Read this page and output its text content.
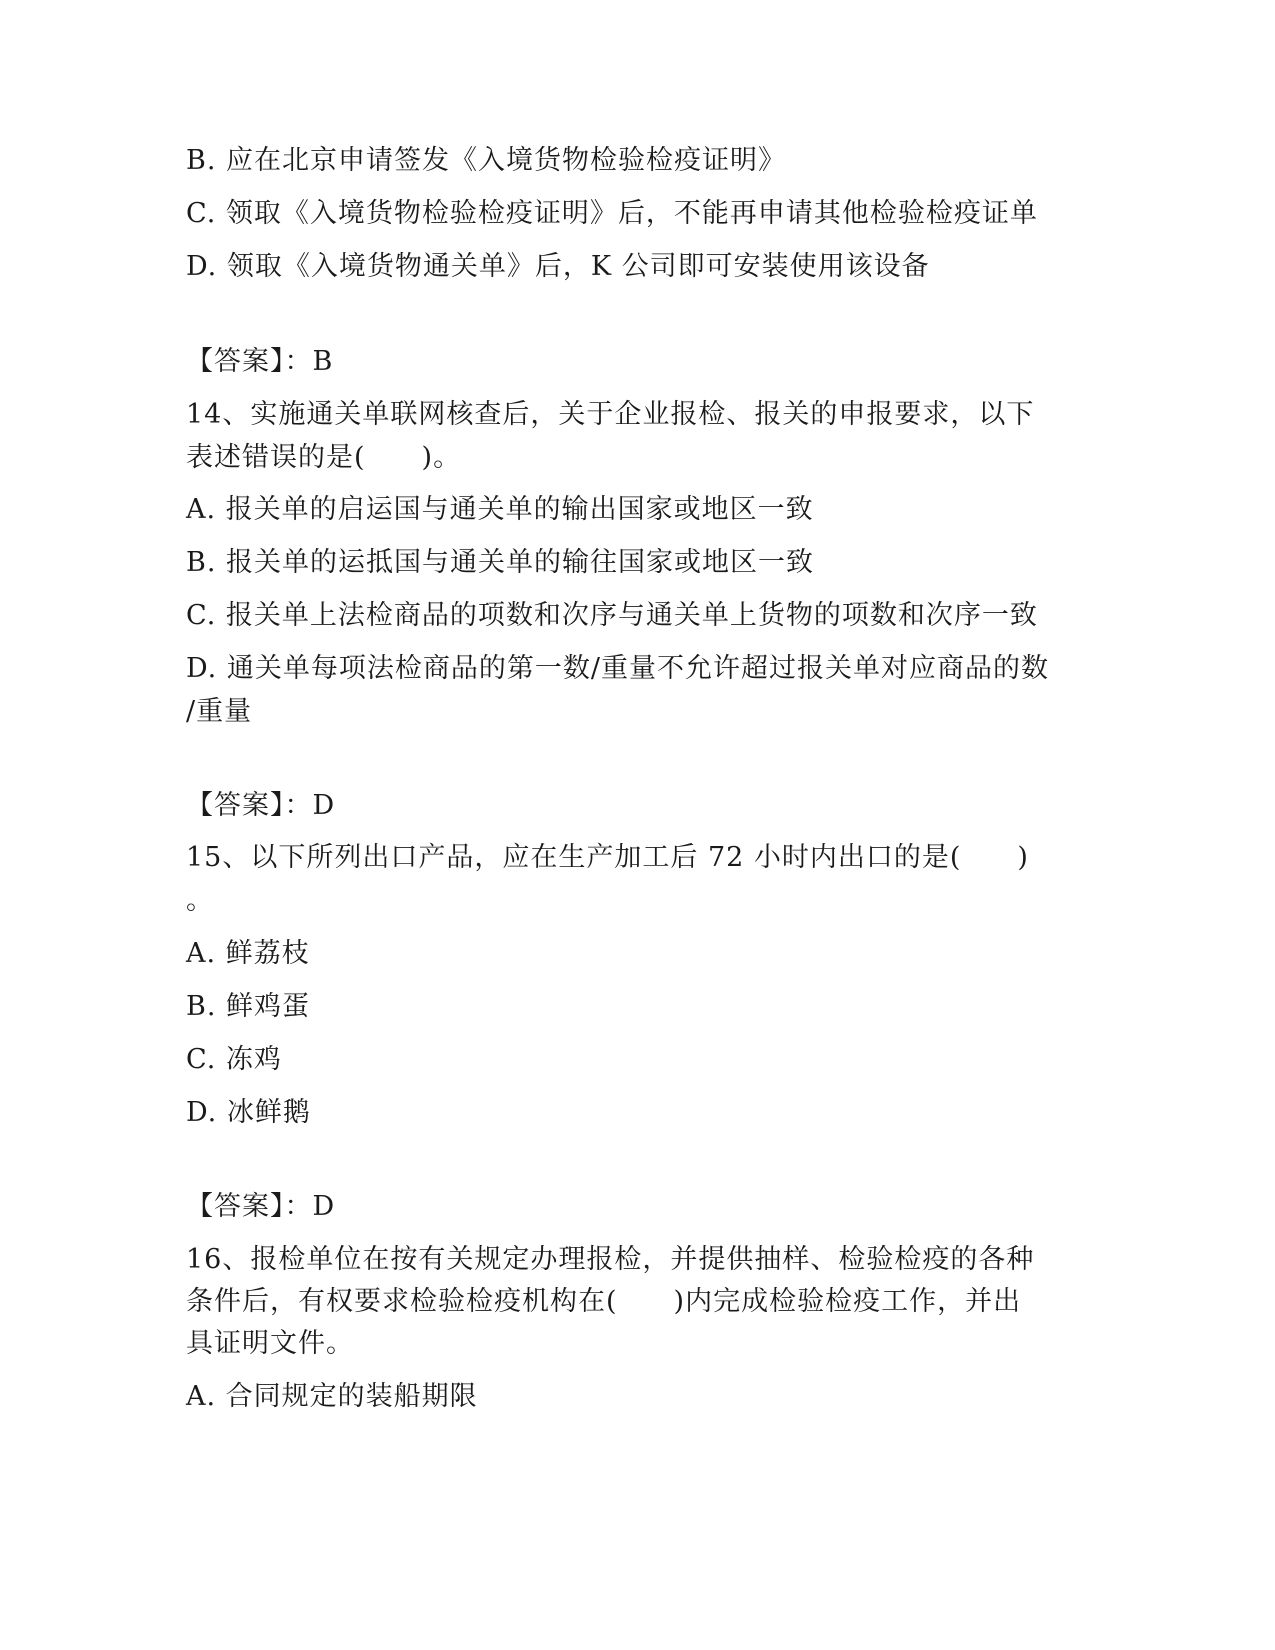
B. 应在北京申请签发《入境货物检验检疫证明》
C. 领取《入境货物检验检疫证明》后，不能再申请其他检验检疫证单
D. 领取《入境货物通关单》后，K 公司即可安装使用该设备
【答案】：B
14、实施通关单联网核查后，关于企业报检、报关的申报要求，以下
表述错误的是(　　)。
A. 报关单的启运国与通关单的输出国家或地区一致
B. 报关单的运抵国与通关单的输往国家或地区一致
C. 报关单上法检商品的项数和次序与通关单上货物的项数和次序一致
D. 通关单每项法检商品的第一数/重量不允许超过报关单对应商品的数
/重量
【答案】：D
15、以下所列出口产品，应在生产加工后 72 小时内出口的是(　　)
。
A. 鲜荔枝
B. 鲜鸡蛋
C. 冻鸡
D. 冰鲜鹅
【答案】：D
16、报检单位在按有关规定办理报检，并提供抽样、检验检疫的各种
条件后，有权要求检验检疫机构在(　　)内完成检验检疫工作，并出
具证明文件。
A. 合同规定的装船期限
